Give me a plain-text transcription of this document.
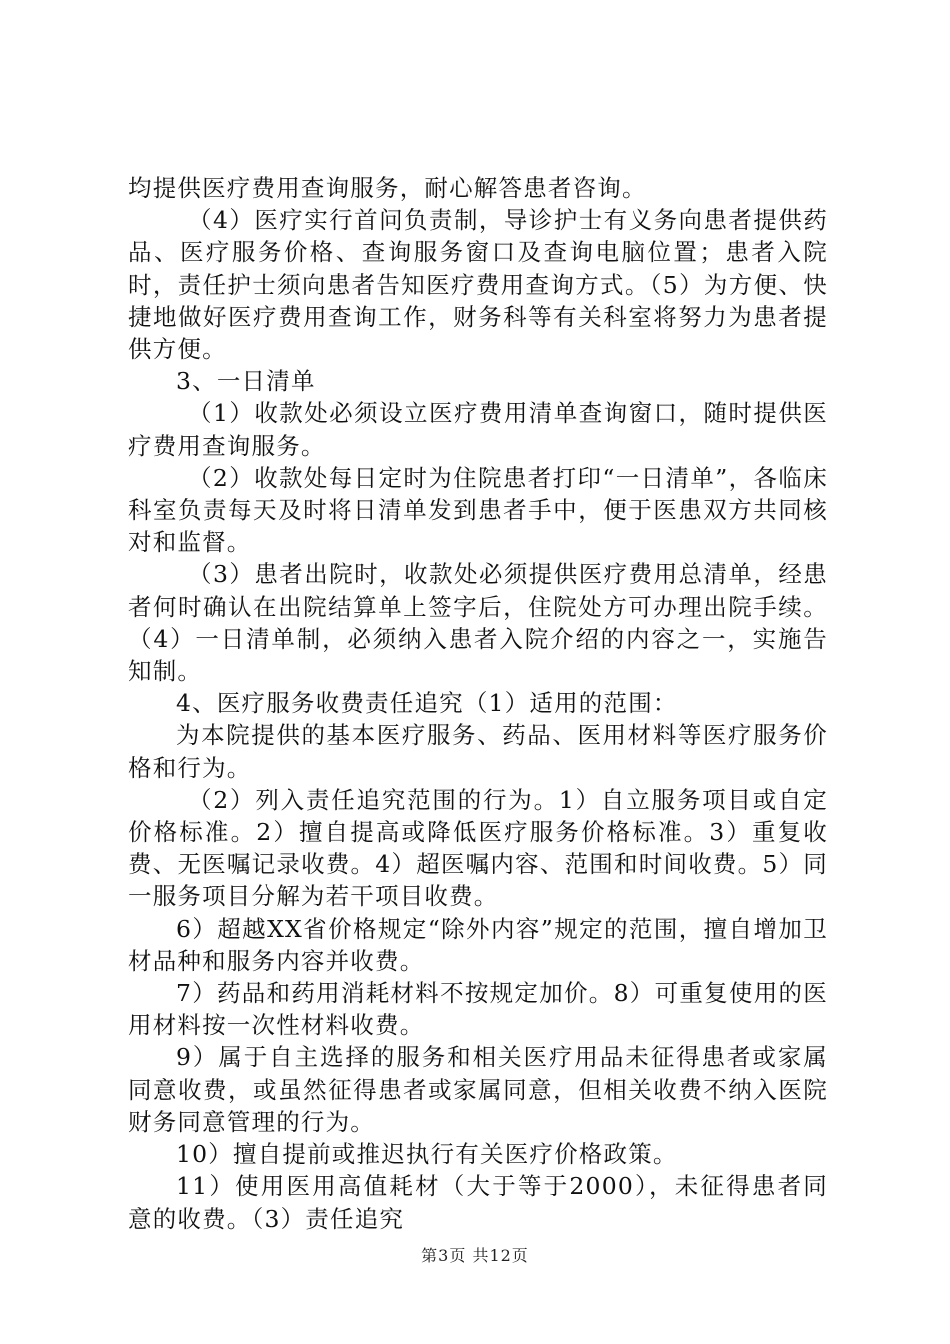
均提供医疗费用查询服务，耐心解答患者咨询。

（4）医疗实行首问负责制，导诊护士有义务向患者提供药品、医疗服务价格、查询服务窗口及查询电脑位置；患者入院时，责任护士须向患者告知医疗费用查询方式。（5）为方便、快捷地做好医疗费用查询工作，财务科等有关科室将努力为患者提供方便。

3、一日清单

（1）收款处必须设立医疗费用清单查询窗口，随时提供医疗费用查询服务。

（2）收款处每日定时为住院患者打印“一日清单”，各临床科室负责每天及时将日清单发到患者手中，便于医患双方共同核对和监督。

（3）患者出院时，收款处必须提供医疗费用总清单，经患者何时确认在出院结算单上签字后，住院处方可办理出院手续。（4）一日清单制，必须纳入患者入院介绍的内容之一，实施告知制。

4、医疗服务收费责任追究（1）适用的范围：

为本院提供的基本医疗服务、药品、医用材料等医疗服务价格和行为。

（2）列入责任追究范围的行为。1）自立服务项目或自定价格标准。2）擅自提高或降低医疗服务价格标准。3）重复收费、无医嘱记录收费。4）超医嘱内容、范围和时间收费。5）同一服务项目分解为若干项目收费。

6）超越XX省价格规定“除外内容”规定的范围，擅自增加卫材品种和服务内容并收费。

7）药品和药用消耗材料不按规定加价。8）可重复使用的医用材料按一次性材料收费。

9）属于自主选择的服务和相关医疗用品未征得患者或家属同意收费，或虽然征得患者或家属同意，但相关收费不纳入医院财务同意管理的行为。

10）擅自提前或推迟执行有关医疗价格政策。

11）使用医用高值耗材（大于等于2000），未征得患者同意的收费。（3）责任追究

第3页 共12页
